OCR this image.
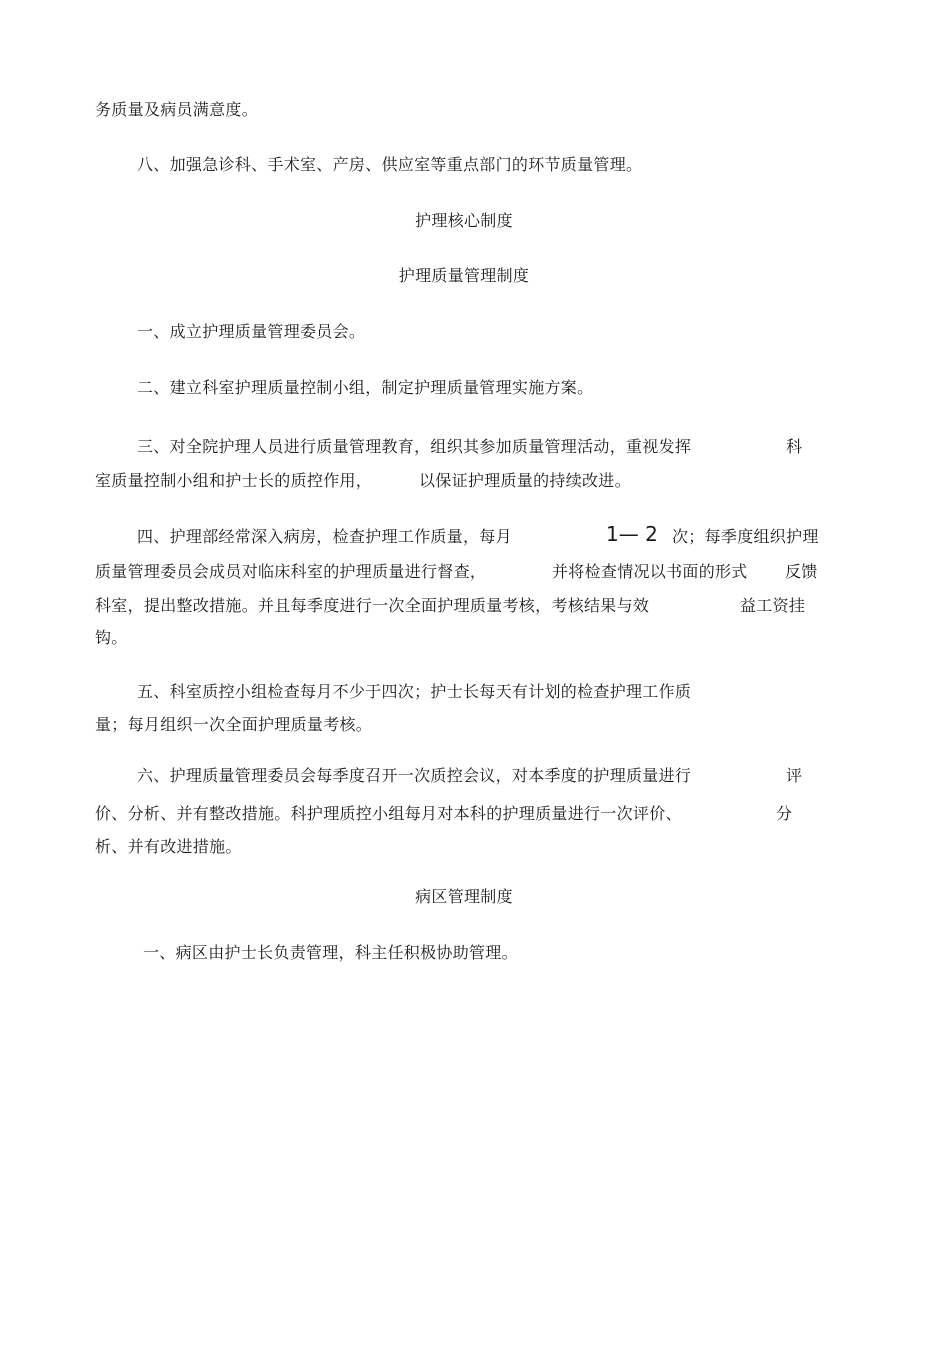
务质量及病员满意度。
八、加强急诊科、手术室、产房、供应室等重点部门的环节质量管理。
护理核心制度
护理质量管理制度
一、成立护理质量管理委员会。
二、建立科室护理质量控制小组，制定护理质量管理实施方案。
三、对全院护理人员进行质量管理教育，组织其参加质量管理活动，重视发挥	科
室质量控制小组和护士长的质控作用，	以保证护理质量的持续改进。
四、护理部经常深入病房，检查护理工作质量，每月	1— 2 次；每季度组织护理
质量管理委员会成员对临床科室的护理质量进行督查，	并将检查情况以书面的形式 反馈
科室，提出整改措施。并且每季度进行一次全面护理质量考核，考核结果与效	益工资挂
钩。
五、科室质控小组检查每月不少于四次；护士长每天有计划的检查护理工作质
量；每月组织一次全面护理质量考核。
六、护理质量管理委员会每季度召开一次质控会议，对本季度的护理质量进行	评
价、分析、并有整改措施。科护理质控小组每月对本科的护理质量进行一次评价、	分
析、并有改进措施。
病区管理制度
一、病区由护士长负责管理，科主任积极协助管理。
